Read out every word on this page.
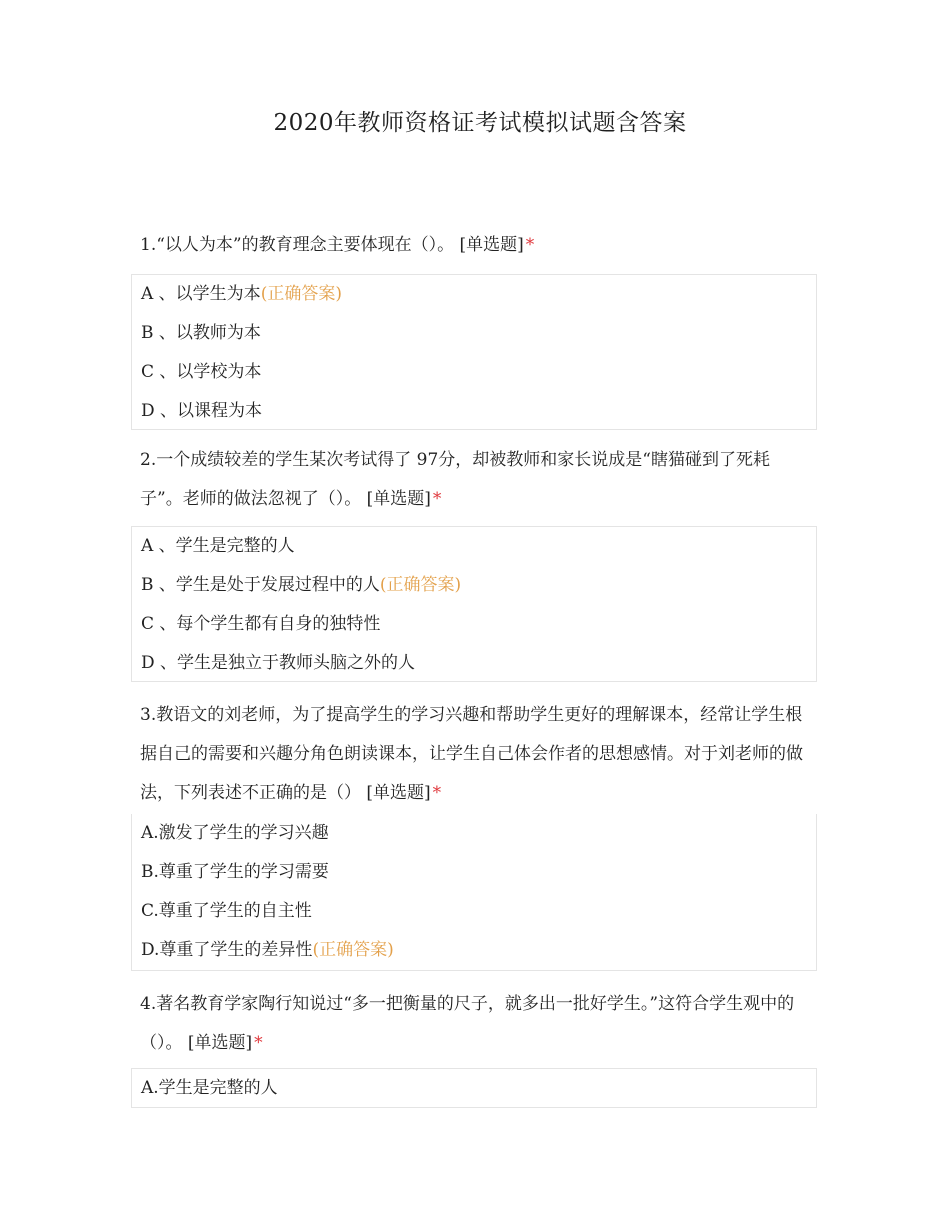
2020年教师资格证考试模拟试题含答案
1.“以人为本”的教育理念主要体现在（）。 [单选题] *
A 、以学生为本(正确答案)
B 、以教师为本
C 、以学校为本
D 、以课程为本
2.一个成绩较差的学生某次考试得了 97分，却被教师和家长说成是“瞎猫碰到了死耗子”。老师的做法忽视了（）。 [单选题] *
A 、学生是完整的人
B 、学生是处于发展过程中的人(正确答案)
C 、每个学生都有自身的独特性
D 、学生是独立于教师头脑之外的人
3.教语文的刘老师，为了提高学生的学习兴趣和帮助学生更好的理解课本，经常让学生根据自己的需要和兴趣分角色朗读课本，让学生自己体会作者的思想感情。对于刘老师的做法，下列表述不正确的是（） [单选题] *
A.激发了学生的学习兴趣
B.尊重了学生的学习需要
C.尊重了学生的自主性
D.尊重了学生的差异性(正确答案)
4.著名教育学家陶行知说过“多一把衡量的尺子，就多出一批好学生。”这符合学生观中的（）。 [单选题] *
A.学生是完整的人
